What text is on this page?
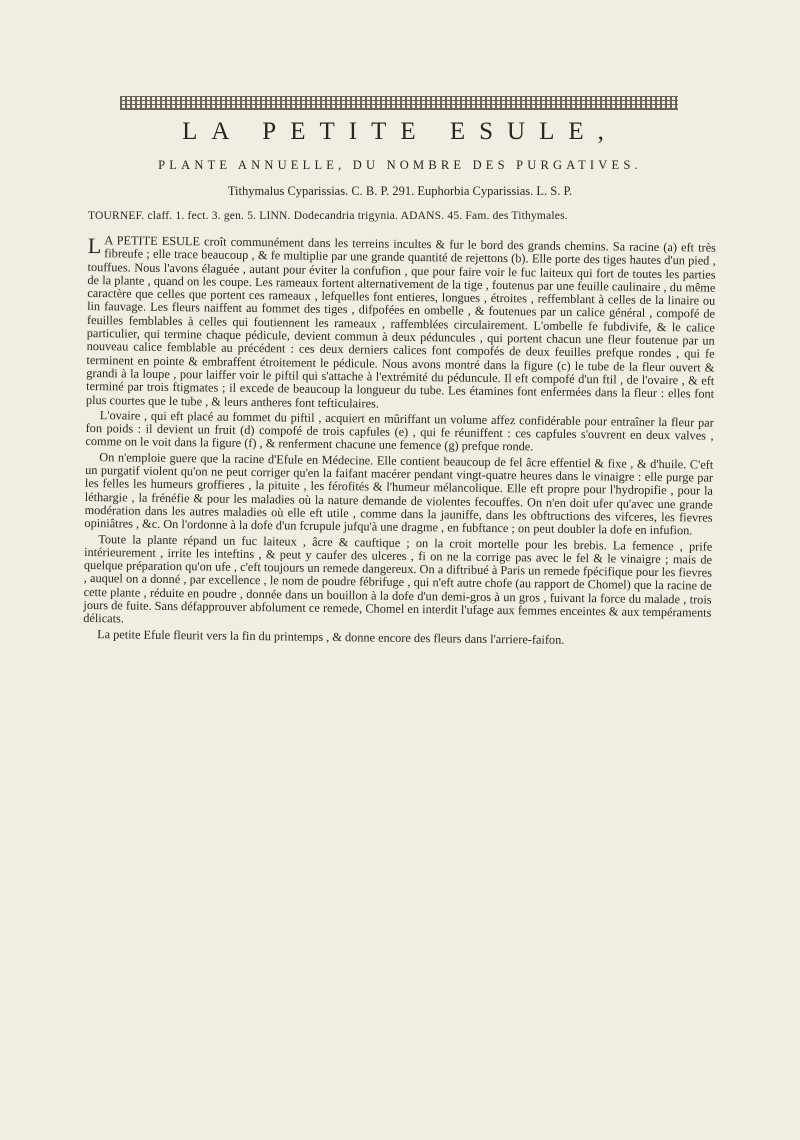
LA PETITE ESULE,
PLANTE ANNUELLE, DU NOMBRE DES PURGATIVES.
Tithymalus Cyparissias. C. B. P. 291. Euphorbia Cyparissias. L. S. P.
TOURNEF. claff. 1. fect. 3. gen. 5. LINN. Dodecandria trigynia. ADANS. 45. Fam. des Tithymales.

L A PETITE ESULE croît communément dans les terreins incultes & fur le bord des grands chemins. Sa racine (a) eft très fibreufe ; elle trace beaucoup , & fe multiplie par une grande quantité de rejettons (b). Elle porte des tiges hautes d'un pied , touffues. Nous l'avons élaguée , autant pour éviter la confufion , que pour faire voir le fuc laiteux qui fort de toutes les parties de la plante , quand on les coupe. Les rameaux fortent alternativement de la tige , foutenus par une feuille caulinaire , du même caractère que celles que portent ces rameaux , lefquelles font entieres, longues , étroites , reffemblant à celles de la linaire ou lin fauvage. Les fleurs naiffent au fommet des tiges , difpofées en ombelle , & foutenues par un calice général , compofé de feuilles femblables à celles qui foutiennent les rameaux , raffemblées circulairement. L'ombelle fe fubdivife, & le calice particulier, qui termine chaque pédicule, devient commun à deux péduncules , qui portent chacun une fleur foutenue par un nouveau calice femblable au précédent : ces deux derniers calices font compofés de deux feuilles prefque rondes , qui fe terminent en pointe & embraffent étroitement le pédicule. Nous avons montré dans la figure (c) le tube de la fleur ouvert & grandi à la loupe , pour laiffer voir le piftil qui s'attache à l'extrémité du péduncule. Il eft compofé d'un ftil , de l'ovaire , & eft terminé par trois ftigmates ; il excede de beaucoup la longueur du tube. Les étamines font enfermées dans la fleur : elles font plus courtes que le tube , & leurs antheres font tefticulaires.

L'ovaire , qui eft placé au fommet du piftil , acquiert en mûriffant un volume affez confidérable pour entraîner la fleur par fon poids : il devient un fruit (d) compofé de trois capfules (e) , qui fe réuniffent : ces capfules s'ouvrent en deux valves , comme on le voit dans la figure (f) , & renferment chacune une femence (g) prefque ronde.

On n'emploie guere que la racine d'Efule en Médecine. Elle contient beaucoup de fel âcre effentiel & fixe , & d'huile. C'eft un purgatif violent qu'on ne peut corriger qu'en la faifant macérer pendant vingt-quatre heures dans le vinaigre : elle purge par les felles les humeurs groffieres , la pituite , les férofités & l'humeur mélancolique. Elle eft propre pour l'hydropifie , pour la léthargie , la frénéfie & pour les maladies où la nature demande de violentes fecouffes. On n'en doit ufer qu'avec une grande modération dans les autres maladies où elle eft utile , comme dans la jauniffe, dans les obftructions des vifceres, les fievres opiniâtres , &c. On l'ordonne à la dofe d'un fcrupule jufqu'à une dragme , en fubftance ; on peut doubler la dofe en infufion.

Toute la plante répand un fuc laiteux , âcre & cauftique ; on la croit mortelle pour les brebis. La femence , prife intérieurement , irrite les inteftins , & peut y caufer des ulceres , fi on ne la corrige pas avec le fel & le vinaigre ; mais de quelque préparation qu'on ufe , c'eft toujours un remede dangereux. On a diftribué à Paris un remede fpécifique pour les fievres , auquel on a donné , par excellence , le nom de poudre fébrifuge , qui n'eft autre chofe (au rapport de Chomel) que la racine de cette plante , réduite en poudre , donnée dans un bouillon à la dofe d'un demi-gros à un gros , fuivant la force du malade , trois jours de fuite. Sans défapprouver abfolument ce remede, Chomel en interdit l'ufage aux femmes enceintes & aux tempéraments délicats.

La petite Efule fleurit vers la fin du printemps , & donne encore des fleurs dans l'arriere-faifon.
